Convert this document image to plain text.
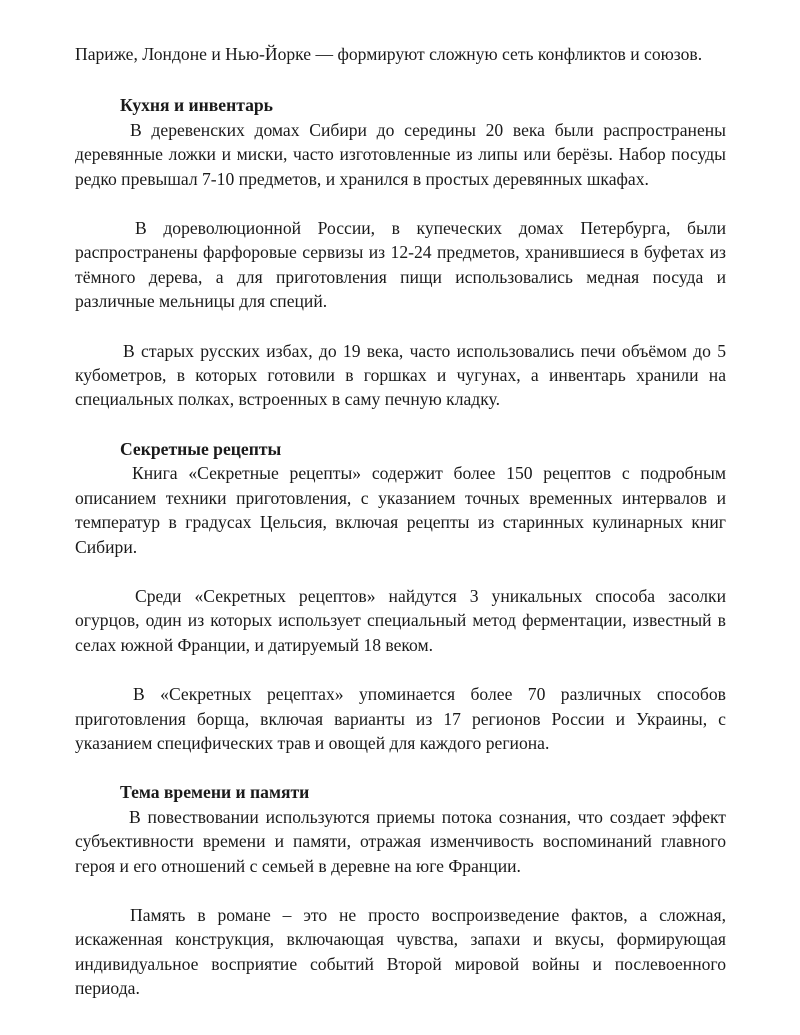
Париже, Лондоне и Нью-Йорке — формируют сложную сеть конфликтов и союзов.

Кухня и инвентарь

В деревенских домах Сибири до середины 20 века были распространены деревянные ложки и миски, часто изготовленные из липы или берёзы. Набор посуды редко превышал 7-10 предметов, и хранился в простых деревянных шкафах.

В дореволюционной России, в купеческих домах Петербурга, были распространены фарфоровые сервизы из 12-24 предметов, хранившиеся в буфетах из тёмного дерева, а для приготовления пищи использовались медная посуда и различные мельницы для специй.

В старых русских избах, до 19 века, часто использовались печи объёмом до 5 кубометров, в которых готовили в горшках и чугунах, а инвентарь хранили на специальных полках, встроенных в саму печную кладку.

Секретные рецепты

Книга «Секретные рецепты» содержит более 150 рецептов с подробным описанием техники приготовления, с указанием точных временных интервалов и температур в градусах Цельсия, включая рецепты из старинных кулинарных книг Сибири.

Среди «Секретных рецептов» найдутся 3 уникальных способа засолки огурцов, один из которых использует специальный метод ферментации, известный в селах южной Франции, и датируемый 18 веком.

В «Секретных рецептах» упоминается более 70 различных способов приготовления борща, включая варианты из 17 регионов России и Украины, с указанием специфических трав и овощей для каждого региона.

Тема времени и памяти

В повествовании используются приемы потока сознания, что создает эффект субъективности времени и памяти, отражая изменчивость воспоминаний главного героя и его отношений с семьей в деревне на юге Франции.

Память в романе – это не просто воспроизведение фактов, а сложная, искаженная конструкция, включающая чувства, запахи и вкусы, формирующая индивидуальное восприятие событий Второй мировой войны и послевоенного периода.
